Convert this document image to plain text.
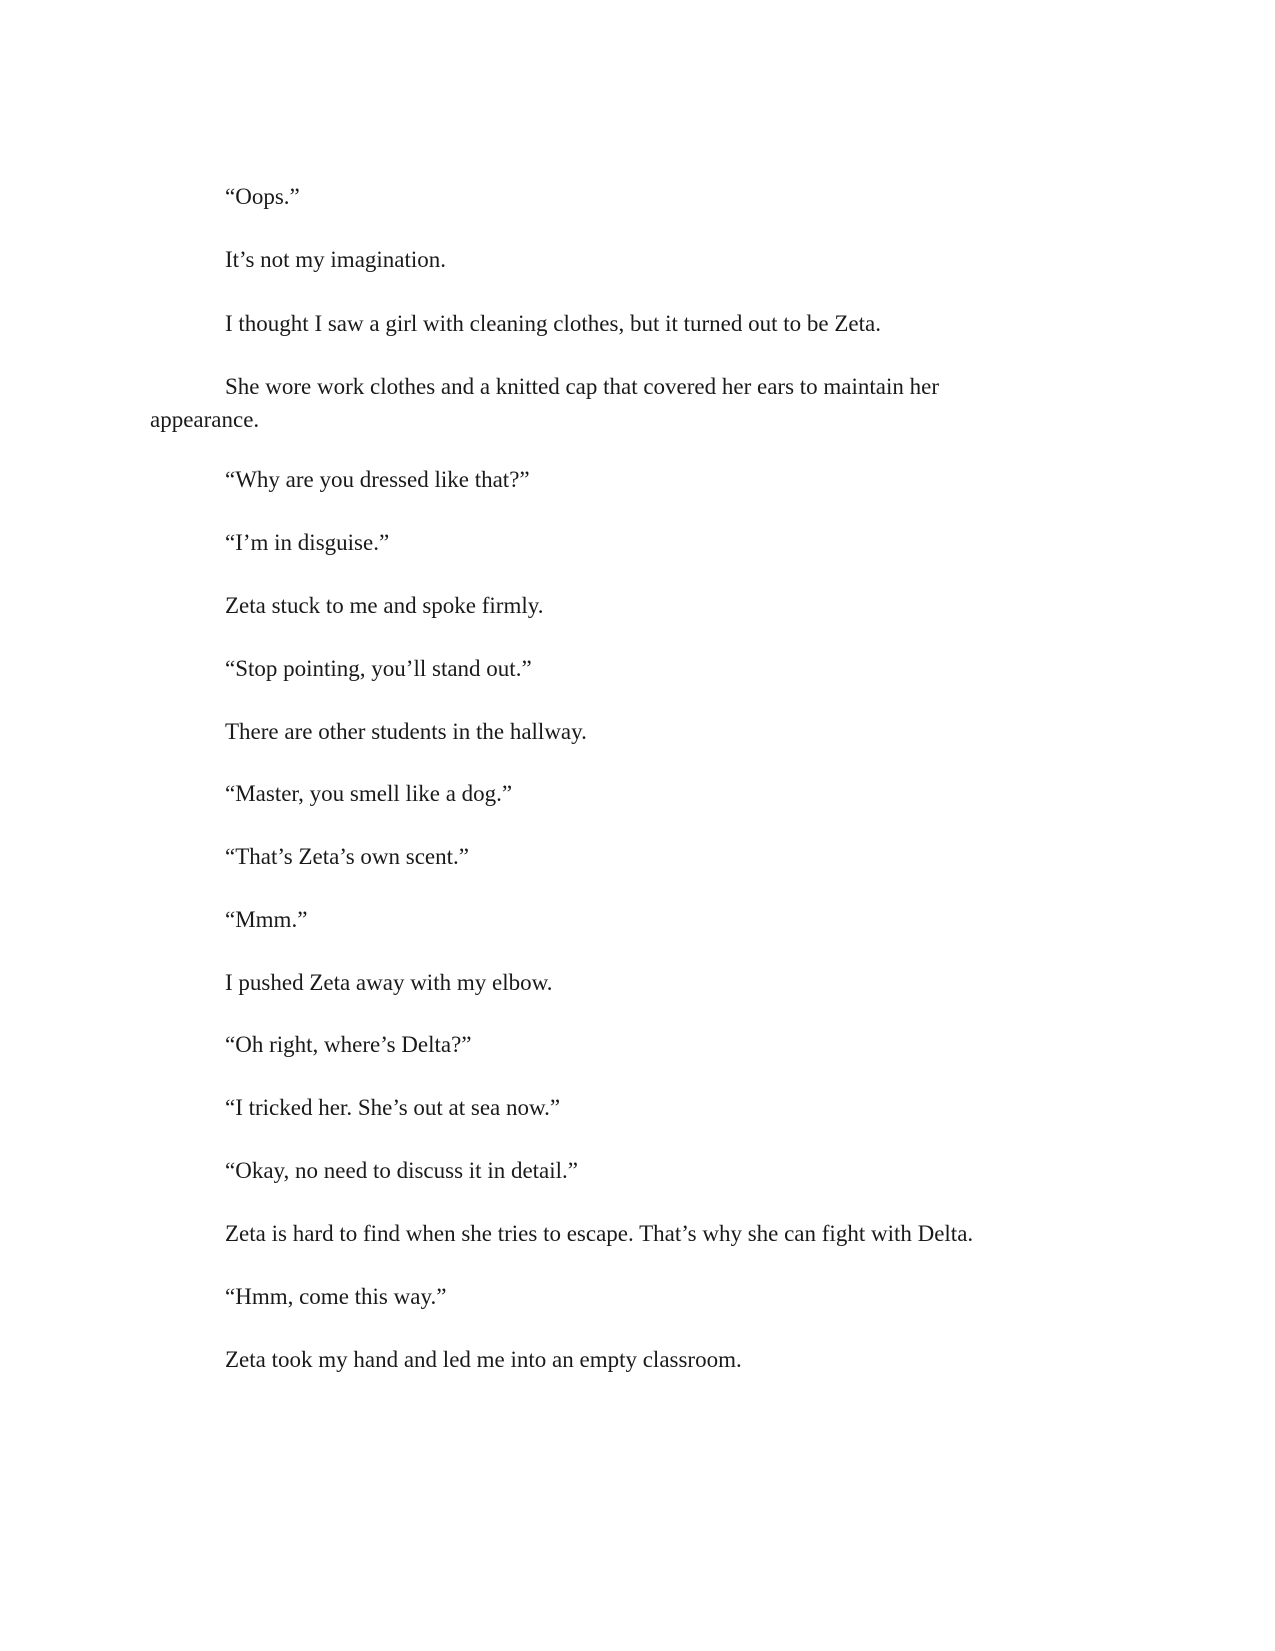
“Oops.”

It’s not my imagination.

I thought I saw a girl with cleaning clothes, but it turned out to be Zeta.

She wore work clothes and a knitted cap that covered her ears to maintain her appearance.

“Why are you dressed like that?”

“I’m in disguise.”

Zeta stuck to me and spoke firmly.

“Stop pointing, you’ll stand out.”

There are other students in the hallway.

“Master, you smell like a dog.”

“That’s Zeta’s own scent.”

“Mmm.”

I pushed Zeta away with my elbow.

“Oh right, where’s Delta?”

“I tricked her. She’s out at sea now.”

“Okay, no need to discuss it in detail.”

Zeta is hard to find when she tries to escape. That’s why she can fight with Delta.

“Hmm, come this way.”

Zeta took my hand and led me into an empty classroom.
